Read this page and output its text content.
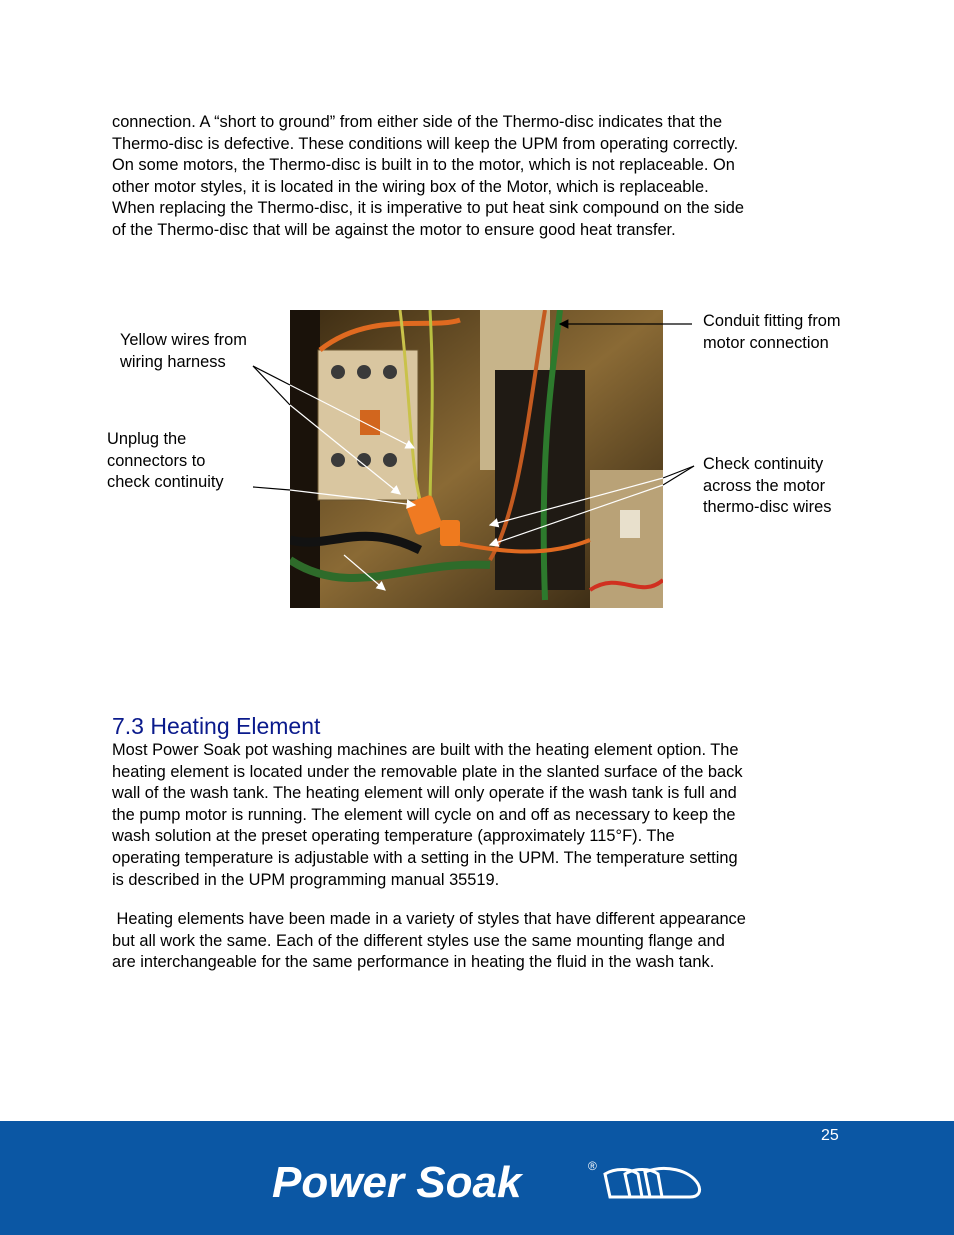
connection. A “short to ground” from either side of the Thermo-disc indicates that the
Thermo-disc is defective. These conditions will keep the UPM from operating correctly.
On some motors, the Thermo-disc is built in to the motor, which is not replaceable. On
other motor styles, it is located in the wiring box of the Motor, which is replaceable.
When replacing the Thermo-disc, it is imperative to put heat sink compound on the side
of the Thermo-disc that will be against the motor to ensure good heat transfer.

Yellow wires from
wiring harness

Unplug the
connectors to
check continuity

Conduit fitting from
motor connection

Check continuity
across the motor
thermo-disc wires

7.3 Heating Element

Most Power Soak pot washing machines are built with the heating element option. The
heating element is located under the removable plate in the slanted surface of the back
wall of the wash tank. The heating element will only operate if the wash tank is full and
the pump motor is running. The element will cycle on and off as necessary to keep the
wash solution at the preset operating temperature (approximately 115°F). The
operating temperature is adjustable with a setting in the UPM. The temperature setting
is described in the UPM programming manual 35519.

Heating elements have been made in a variety of styles that have different appearance
but all work the same. Each of the different styles use the same mounting flange and
are interchangeable for the same performance in heating the fluid in the wash tank.

25
Power Soak	®
